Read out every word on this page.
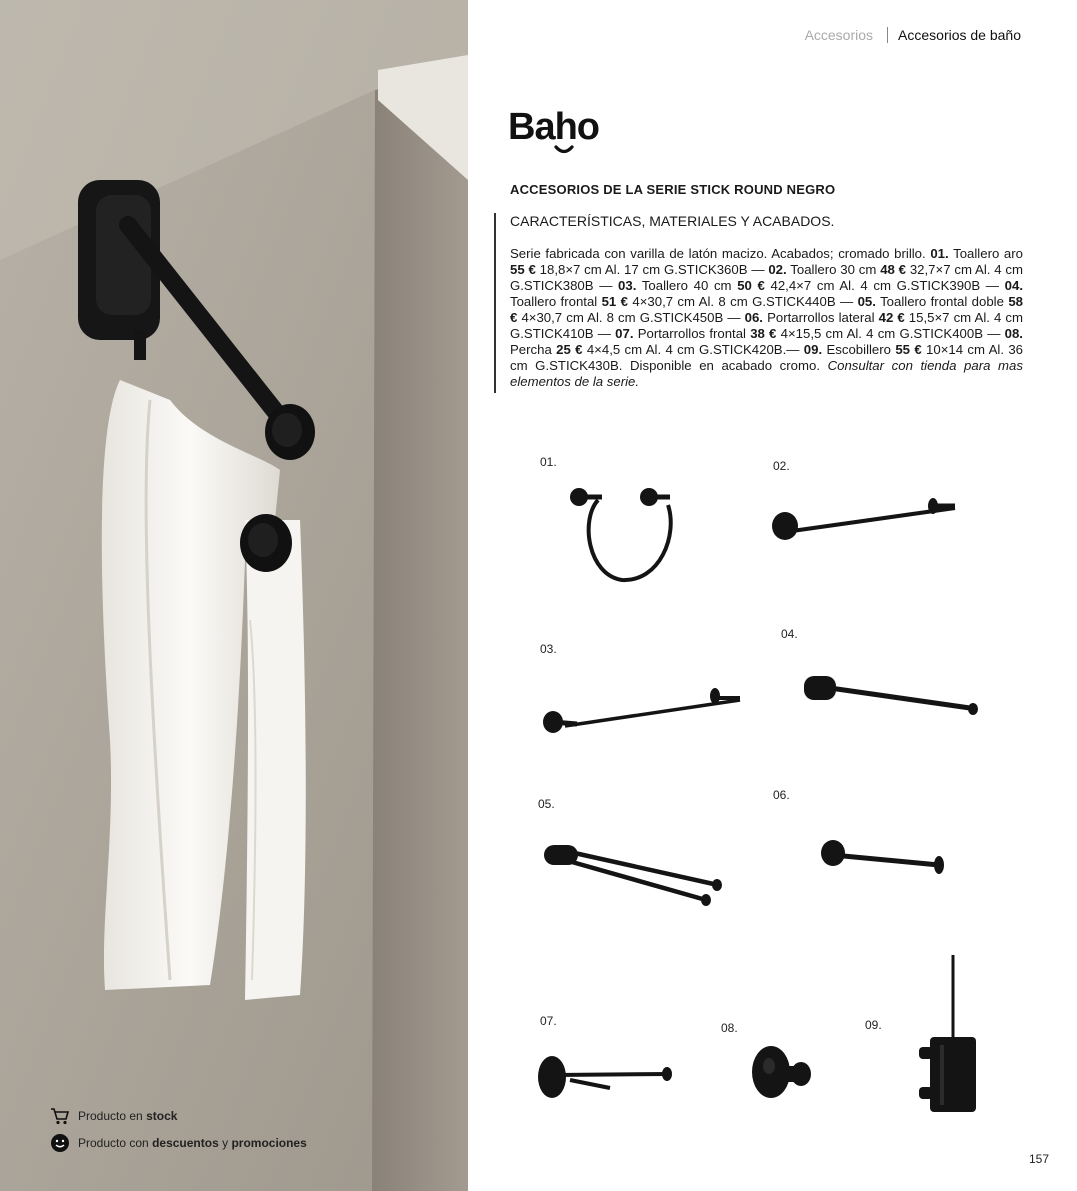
Producto en stock
Producto con descuentos y promociones
Accesorios Accesorios de baño
Baho
ACCESORIOS DE LA SERIE STICK ROUND NEGRO
CARACTERÍSTICAS, MATERIALES Y ACABADOS.
Serie fabricada con varilla de latón macizo. Acabados; cromado brillo. 01. Toallero aro 55 € 18,8×7 cm Al. 17 cm G.STICK360B — 02. Toallero 30 cm 48 € 32,7×7 cm Al. 4 cm G.STICK380B — 03. Toallero 40 cm 50 € 42,4×7 cm Al. 4 cm G.STICK390B — 04. Toallero frontal 51 € 4×30,7 cm Al. 8 cm G.STICK440B — 05. Toallero frontal doble 58 € 4×30,7 cm Al. 8 cm G.STICK450B — 06. Portarrollos lateral 42 € 15,5×7 cm Al. 4 cm G.STICK410B — 07. Portarrollos frontal 38 € 4×15,5 cm Al. 4 cm G.STICK400B — 08. Percha 25 € 4×4,5 cm Al. 4 cm G.STICK420B.— 09. Escobillero 55 € 10×14 cm Al. 36 cm G.STICK430B. Disponible en acabado cromo. Consultar con tienda para mas elementos de la serie.
01.	02.
03.
04.
05.
06.
07.	08.	09.
157
